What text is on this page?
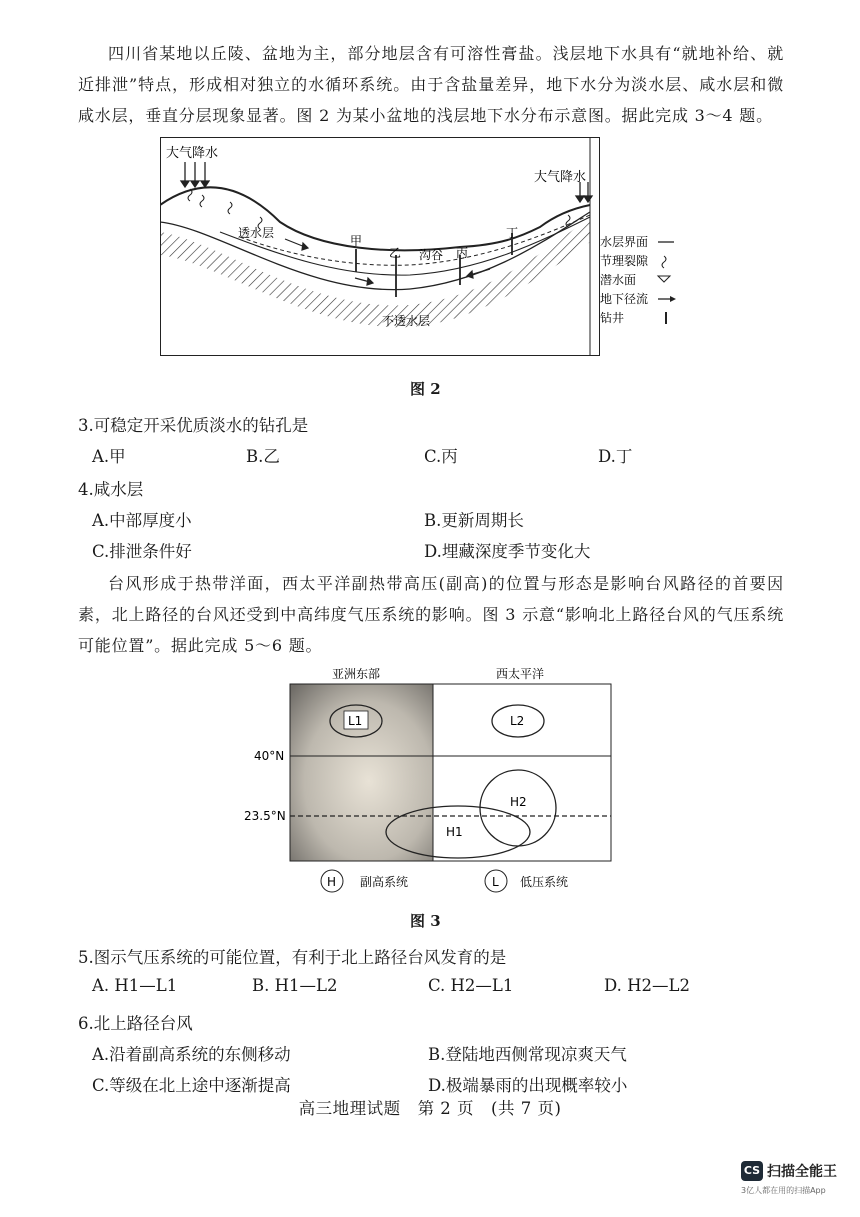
四川省某地以丘陵、盆地为主，部分地层含有可溶性膏盐。浅层地下水具有“就地补给、就近排泄”特点，形成相对独立的水循环系统。由于含盐量差异，地下水分为淡水层、咸水层和微咸水层，垂直分层现象显著。图 2 为某小盆地的浅层地下水分布示意图。据此完成 3～4 题。

大气降水
大气降水
透水层
不透水层
沟谷
甲
乙	丙
丁
水层界面
节理裂隙
潜水面
地下径流
钻井

图 2

3.可稳定开采优质淡水的钻孔是

A.甲	B.乙	C.丙	D.丁

4.咸水层

A.中部厚度小	B.更新周期长

C.排泄条件好	D.埋藏深度季节变化大

台风形成于热带洋面，西太平洋副热带高压(副高)的位置与形态是影响台风路径的首要因素，北上路径的台风还受到中高纬度气压系统的影响。图 3 示意“影响北上路径台风的气压系统可能位置”。据此完成 5～6 题。

亚洲东部	西太平洋
40°N
23.5°N
L1	L2
H1
H2
H 副高系统	L 低压系统

图 3

5.图示气压系统的可能位置，有利于北上路径台风发育的是

A. H1—L1	B. H1—L2	C. H2—L1	D. H2—L2

6.北上路径台风

A.沿着副高系统的东侧移动	B.登陆地西侧常现凉爽天气

C.等级在北上途中逐渐提高	D.极端暴雨的出现概率较小

高三地理试题　第 2 页　(共 7 页)
CS 扫描全能王
3亿人都在用的扫描App
